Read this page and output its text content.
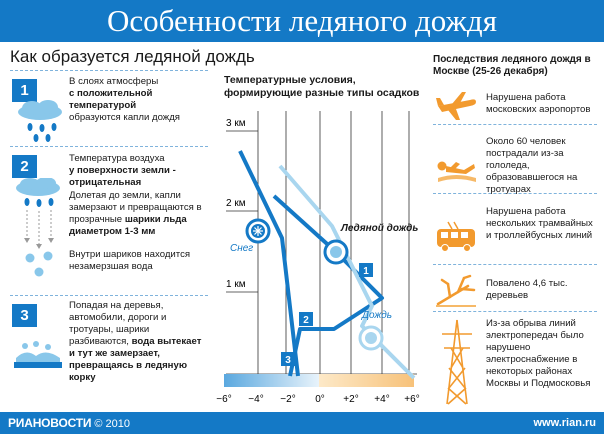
Особенности ледяного дождя
Как образуется ледяной дождь
1
В слоях атмосферы
с положительной температурой
образуются капли дождя
2	Температура воздуха
у поверхности земли - отрицательная
Долетая до земли, капли замерзают и превращаются в прозрачные шарики льда диаметром 1-3 мм
Внутри шариков находится незамерзшая вода
3
Попадая на деревья, автомобили, дороги и тротуары, шарики разбиваются, вода вытекает и тут же замерзает, превращаясь в ледяную корку
Температурные условия, формирующие разные типы осадков
3 км
2 км
1 км
1
2
3
Снег
Ледяной дождь
Дождь
−6° −4° −2° 0° +2° +4° +6°
Последствия ледяного дождя в Москве (25-26 декабря)
Нарушена работа московских аэропортов
Около 60 человек пострадали из-за гололеда, образовавшегося на тротуарах
Нарушена работа нескольких трамвайных и троллейбусных линий
Повалено 4,6 тыс. деревьев
Из-за обрыва линий электропередач было нарушено электроснабжение в некоторых районах Москвы и Подмосковья
РИАНОВОСТИ © 2010	www.rian.ru
